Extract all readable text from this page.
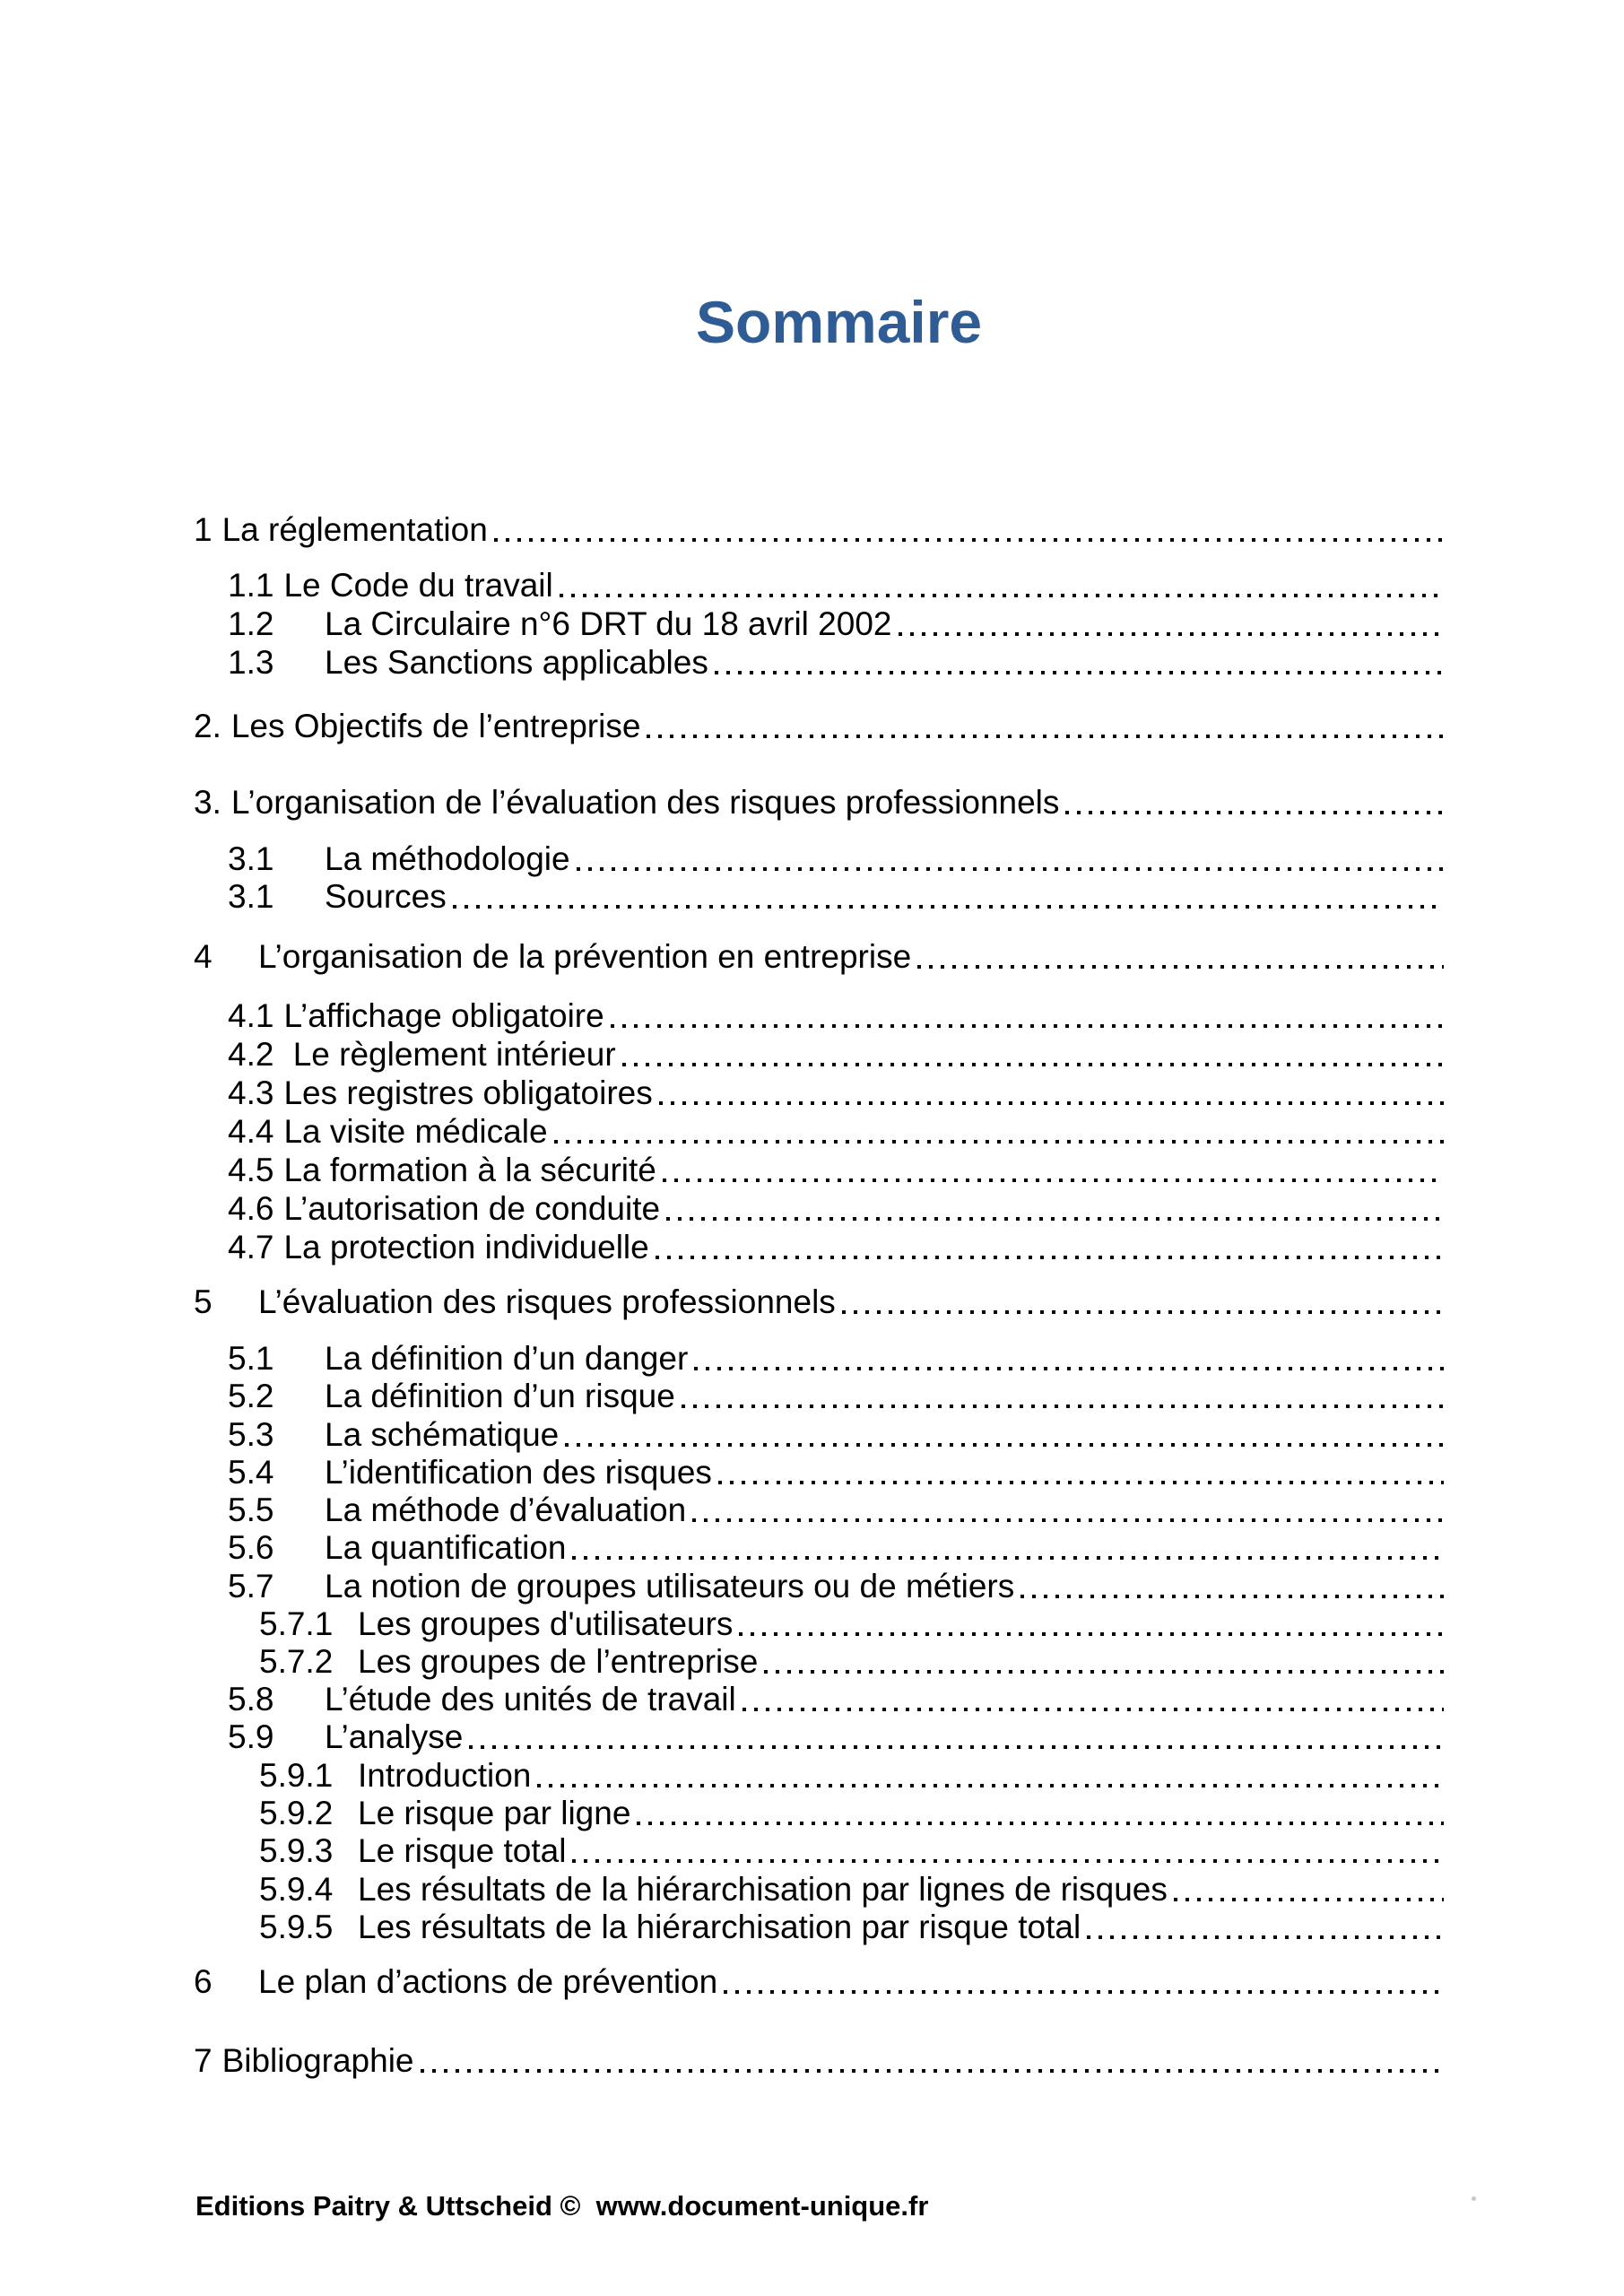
Sommaire
1 La réglementation
1.1 Le Code du travail
1.2	La Circulaire n°6 DRT du 18 avril 2002
1.3	Les Sanctions applicables
2. Les Objectifs de l’entreprise
3. L’organisation de l’évaluation des risques professionnels
3.1	La méthodologie
3.1	Sources
4	L’organisation de la prévention en entreprise
4.1 L’affichage obligatoire
4.2 Le règlement intérieur
4.3 Les registres obligatoires
4.4 La visite médicale
4.5 La formation à la sécurité
4.6 L’autorisation de conduite
4.7 La protection individuelle
5	L’évaluation des risques professionnels
5.1	La définition d’un danger
5.2	La définition d’un risque
5.3	La schématique
5.4	L’identification des risques
5.5	La méthode d’évaluation
5.6	La quantification
5.7	La notion de groupes utilisateurs ou de métiers
5.7.1 Les groupes d'utilisateurs
5.7.2 Les groupes de l’entreprise
5.8	L’étude des unités de travail
5.9	L’analyse
5.9.1 Introduction
5.9.2 Le risque par ligne
5.9.3 Le risque total
5.9.4 Les résultats de la hiérarchisation par lignes de risques
5.9.5 Les résultats de la hiérarchisation par risque total
6	Le plan d’actions de prévention
7 Bibliographie

Editions Paitry & Uttscheid ©  www.document-unique.fr
